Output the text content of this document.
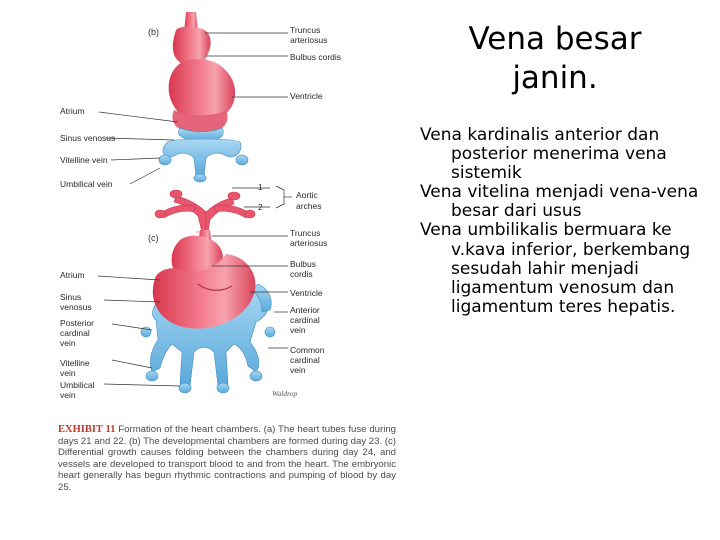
(b)	Truncus
arteriosus
Bulbus cordis
Ventricle
Atrium
Sinus venosus
Vitelline vein
Umbilical vein	1
2
Aortic
arches
(c)	Truncus
arteriosus
Bulbus
cordis
Ventricle
Anterior
cardinal
vein
Common
cardinal
vein
Atrium
Sinus
venosus
Posterior
cardinal
vein
Vitelline
vein
Umbilical
vein	Waldrop

EXHIBIT 11 Formation of the heart chambers. (a) The heart tubes fuse during days 21 and 22. (b) The developmental chambers are formed during day 23. (c) Differential growth causes folding between the chambers during day 24, and vessels are developed to transport blood to and from the heart. The embryonic heart generally has begun rhythmic contractions and pumping of blood by day 25.

Vena besar janin.
Vena kardinalis anterior dan posterior menerima vena sistemik
Vena vitelina menjadi vena-vena besar dari usus
Vena umbilikalis bermuara ke v.kava inferior, berkembang sesudah lahir menjadi ligamentum venosum dan ligamentum teres hepatis.
